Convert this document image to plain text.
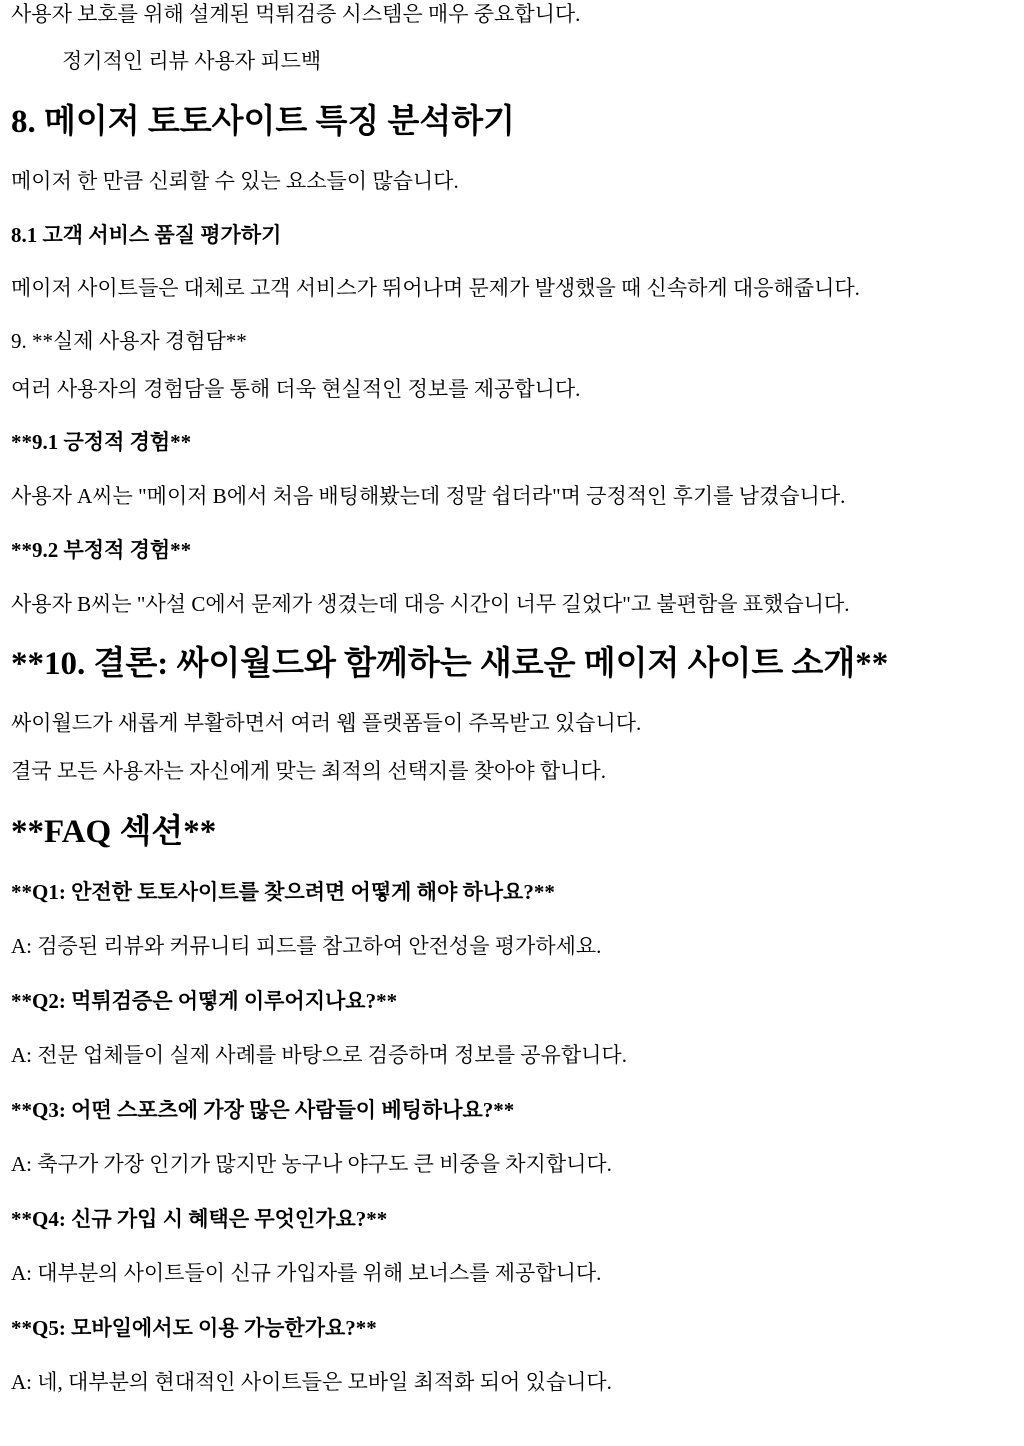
사용자 보호를 위해 설계된 먹튀검증 시스템은 매우 중요합니다.

정기적인 리뷰 사용자 피드백

8. 메이저 토토사이트 특징 분석하기

메이저 한 만큼 신뢰할 수 있는 요소들이 많습니다.

8.1 고객 서비스 품질 평가하기

메이저 사이트들은 대체로 고객 서비스가 뛰어나며 문제가 발생했을 때 신속하게 대응해줍니다.

9. **실제 사용자 경험담**

여러 사용자의 경험담을 통해 더욱 현실적인 정보를 제공합니다.

**9.1 긍정적 경험**

사용자 A씨는 "메이저 B에서 처음 배팅해봤는데 정말 쉽더라"며 긍정적인 후기를 남겼습니다.

**9.2 부정적 경험**

사용자 B씨는 "사설 C에서 문제가 생겼는데 대응 시간이 너무 길었다"고 불편함을 표했습니다.

**10. 결론: 싸이월드와 함께하는 새로운 메이저 사이트 소개**

싸이월드가 새롭게 부활하면서 여러 웹 플랫폼들이 주목받고 있습니다.

결국 모든 사용자는 자신에게 맞는 최적의 선택지를 찾아야 합니다.

**FAQ 섹션**
**Q1: 안전한 토토사이트를 찾으려면 어떻게 해야 하나요?**

A: 검증된 리뷰와 커뮤니티 피드를 참고하여 안전성을 평가하세요.

**Q2: 먹튀검증은 어떻게 이루어지나요?**

A: 전문 업체들이 실제 사례를 바탕으로 검증하며 정보를 공유합니다.

**Q3: 어떤 스포츠에 가장 많은 사람들이 베팅하나요?**

A: 축구가 가장 인기가 많지만 농구나 야구도 큰 비중을 차지합니다.

**Q4: 신규 가입 시 혜택은 무엇인가요?**

A: 대부분의 사이트들이 신규 가입자를 위해 보너스를 제공합니다.

**Q5: 모바일에서도 이용 가능한가요?**

A: 네, 대부분의 현대적인 사이트들은 모바일 최적화 되어 있습니다.
